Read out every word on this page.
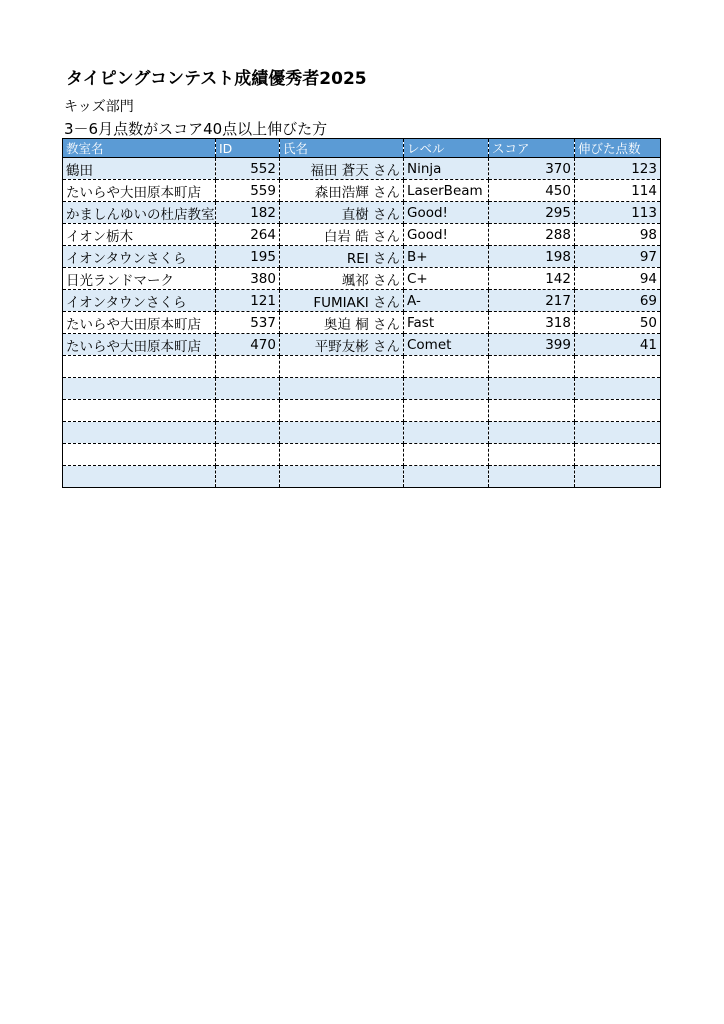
タイピングコンテスト成績優秀者2025
キッズ部門
3－6月点数がスコア40点以上伸びた方
教室名	ID	氏名	レベル	スコア	伸びた点数
鶴田	552	福田 蒼天 さん	Ninja	370	123
たいらや大田原本町店	559	森田浩輝 さん	LaserBeam	450	114
かましんゆいの杜店教室	182	直樹 さん	Good!	295	113
イオン栃木	264	白岩 皓 さん	Good!	288	98
イオンタウンさくら	195	REI さん	B+	198	97
日光ランドマーク	380	颯祁 さん	C+	142	94
イオンタウンさくら	121	FUMIAKI さん	A-	217	69
たいらや大田原本町店	537	奥迫 桐 さん	Fast	318	50
たいらや大田原本町店	470	平野友彬 さん	Comet	399	41
